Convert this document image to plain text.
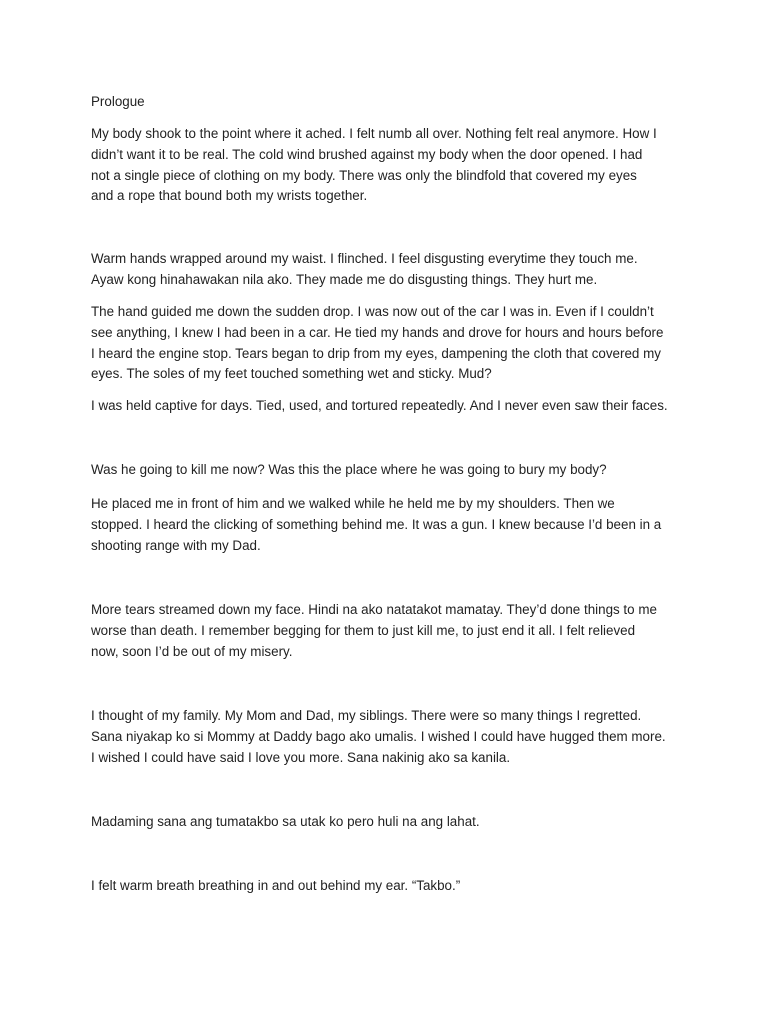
Prologue

My body shook to the point where it ached. I felt numb all over. Nothing felt real anymore. How I
didn’t want it to be real. The cold wind brushed against my body when the door opened. I had
not a single piece of clothing on my body. There was only the blindfold that covered my eyes
and a rope that bound both my wrists together.

Warm hands wrapped around my waist. I flinched. I feel disgusting everytime they touch me.
Ayaw kong hinahawakan nila ako. They made me do disgusting things. They hurt me.

The hand guided me down the sudden drop. I was now out of the car I was in. Even if I couldn’t
see anything, I knew I had been in a car. He tied my hands and drove for hours and hours before
I heard the engine stop. Tears began to drip from my eyes, dampening the cloth that covered my
eyes. The soles of my feet touched something wet and sticky. Mud?

I was held captive for days. Tied, used, and tortured repeatedly. And I never even saw their faces.

Was he going to kill me now? Was this the place where he was going to bury my body?

He placed me in front of him and we walked while he held me by my shoulders. Then we
stopped. I heard the clicking of something behind me. It was a gun. I knew because I’d been in a
shooting range with my Dad.

More tears streamed down my face. Hindi na ako natatakot mamatay. They’d done things to me
worse than death. I remember begging for them to just kill me, to just end it all. I felt relieved
now, soon I’d be out of my misery.

I thought of my family. My Mom and Dad, my siblings. There were so many things I regretted.
Sana niyakap ko si Mommy at Daddy bago ako umalis. I wished I could have hugged them more.
I wished I could have said I love you more. Sana nakinig ako sa kanila.

Madaming sana ang tumatakbo sa utak ko pero huli na ang lahat.

I felt warm breath breathing in and out behind my ear. “Takbo.”
